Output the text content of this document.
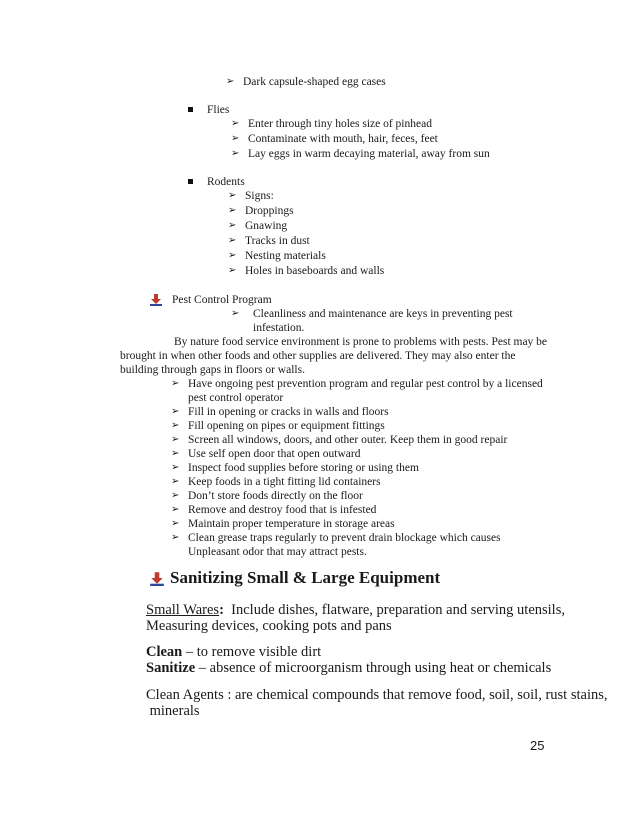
➢ Dark capsule-shaped egg cases
Flies
➢ Enter through tiny holes size of pinhead
➢ Contaminate with mouth, hair, feces, feet
➢ Lay eggs in warm decaying material, away from sun
Rodents
➢ Signs:
➢ Droppings
➢ Gnawing
➢ Tracks in dust
➢ Nesting materials
➢ Holes in baseboards and walls
Pest Control Program
➢ Cleanliness and maintenance are keys in preventing pest
infestation.
By nature food service environment is prone to problems with pests. Pest may be
brought in when other foods and other supplies are delivered. They may also enter the
building through gaps in floors or walls.
➢ Have ongoing pest prevention program and regular pest control by a licensed
pest control operator
➢ Fill in opening or cracks in walls and floors
➢ Fill opening on pipes or equipment fittings
➢ Screen all windows, doors, and other outer. Keep them in good repair
➢ Use self open door that open outward
➢ Inspect food supplies before storing or using them
➢ Keep foods in a tight fitting lid containers
➢ Don’t store foods directly on the floor
➢ Remove and destroy food that is infested
➢ Maintain proper temperature in storage areas
➢ Clean grease traps regularly to prevent drain blockage which causes
Unpleasant odor that may attract pests.
Sanitizing Small & Large Equipment
Small Wares:  Include dishes, flatware, preparation and serving utensils,
Measuring devices, cooking pots and pans
Clean – to remove visible dirt
Sanitize – absence of microorganism through using heat or chemicals
Clean Agents : are chemical compounds that remove food, soil, soil, rust stains,
minerals
25
